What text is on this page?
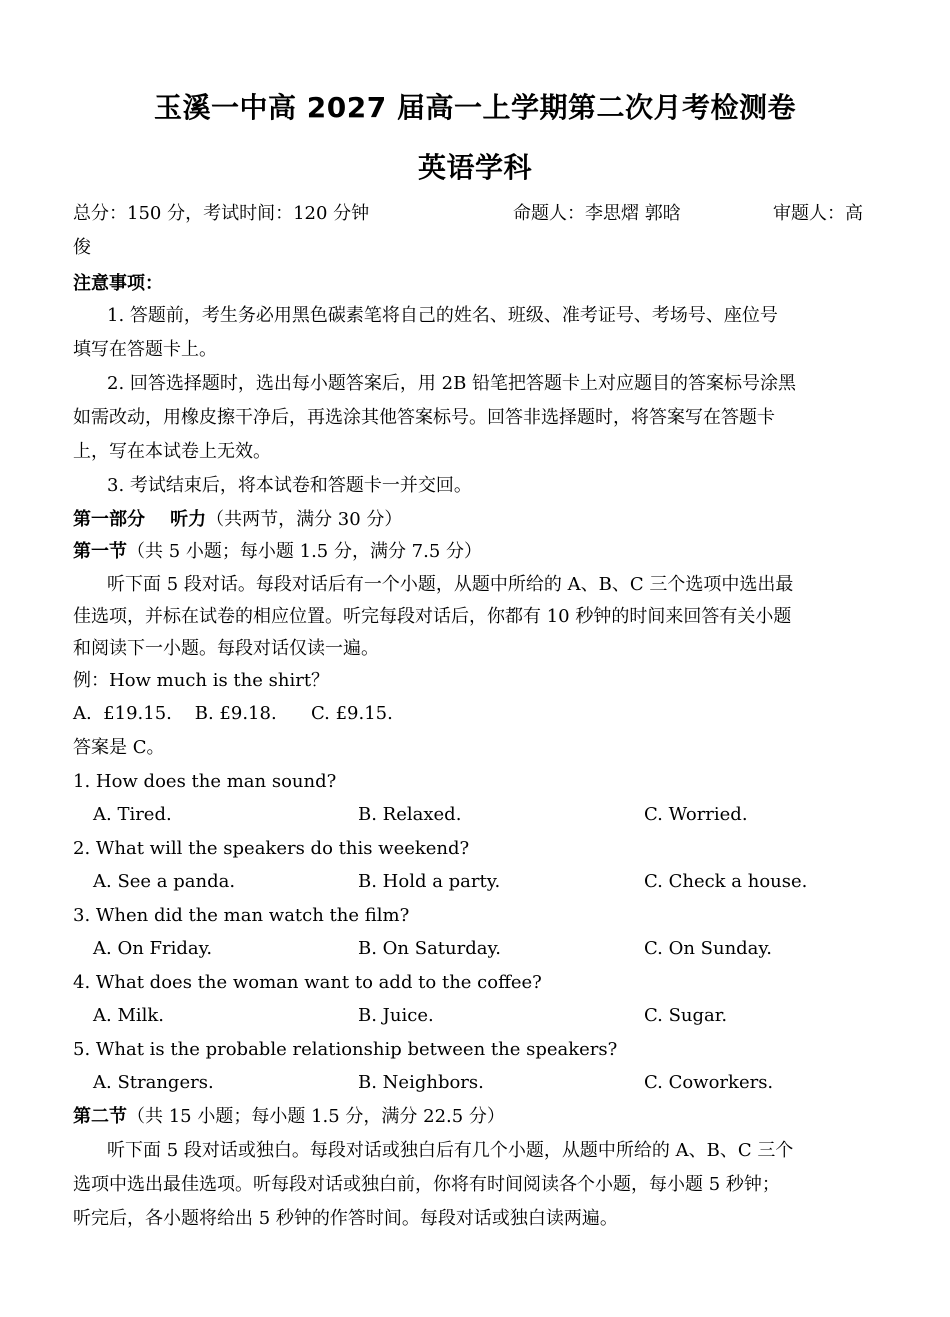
玉溪一中高 2027 届高一上学期第二次月考检测卷
英语学科
总分：150 分，考试时间：120 分钟	命题人：李思熠 郭晗	审题人：高
俊
注意事项：
1. 答题前，考生务必用黑色碳素笔将自己的姓名、班级、准考证号、考场号、座位号
填写在答题卡上。
2. 回答选择题时，选出每小题答案后，用 2B 铅笔把答题卡上对应题目的答案标号涂黑
如需改动，用橡皮擦干净后，再选涂其他答案标号。回答非选择题时，将答案写在答题卡
上，写在本试卷上无效。
3. 考试结束后，将本试卷和答题卡一并交回。
第一部分    听力（共两节，满分 30 分）
第一节（共 5 小题；每小题 1.5 分，满分 7.5 分）
听下面 5 段对话。每段对话后有一个小题，从题中所给的 A、B、C 三个选项中选出最
佳选项，并标在试卷的相应位置。听完每段对话后，你都有 10 秒钟的时间来回答有关小题
和阅读下一小题。每段对话仅读一遍。
例：How much is the shirt？
A.  £19.15.    B. £9.18.      C. £9.15.
答案是 C。
1. How does the man sound?
A. Tired.	B. Relaxed.	C. Worried.
2. What will the speakers do this weekend?
A. See a panda.	B. Hold a party.	C. Check a house.
3. When did the man watch the film?
A. On Friday.	B. On Saturday.	C. On Sunday.
4. What does the woman want to add to the coffee?
A. Milk.	B. Juice.	C. Sugar.
5. What is the probable relationship between the speakers?
A. Strangers.	B. Neighbors.	C. Coworkers.
第二节（共 15 小题；每小题 1.5 分，满分 22.5 分）
听下面 5 段对话或独白。每段对话或独白后有几个小题，从题中所给的 A、B、C 三个
选项中选出最佳选项。听每段对话或独白前，你将有时间阅读各个小题，每小题 5 秒钟；
听完后，各小题将给出 5 秒钟的作答时间。每段对话或独白读两遍。
